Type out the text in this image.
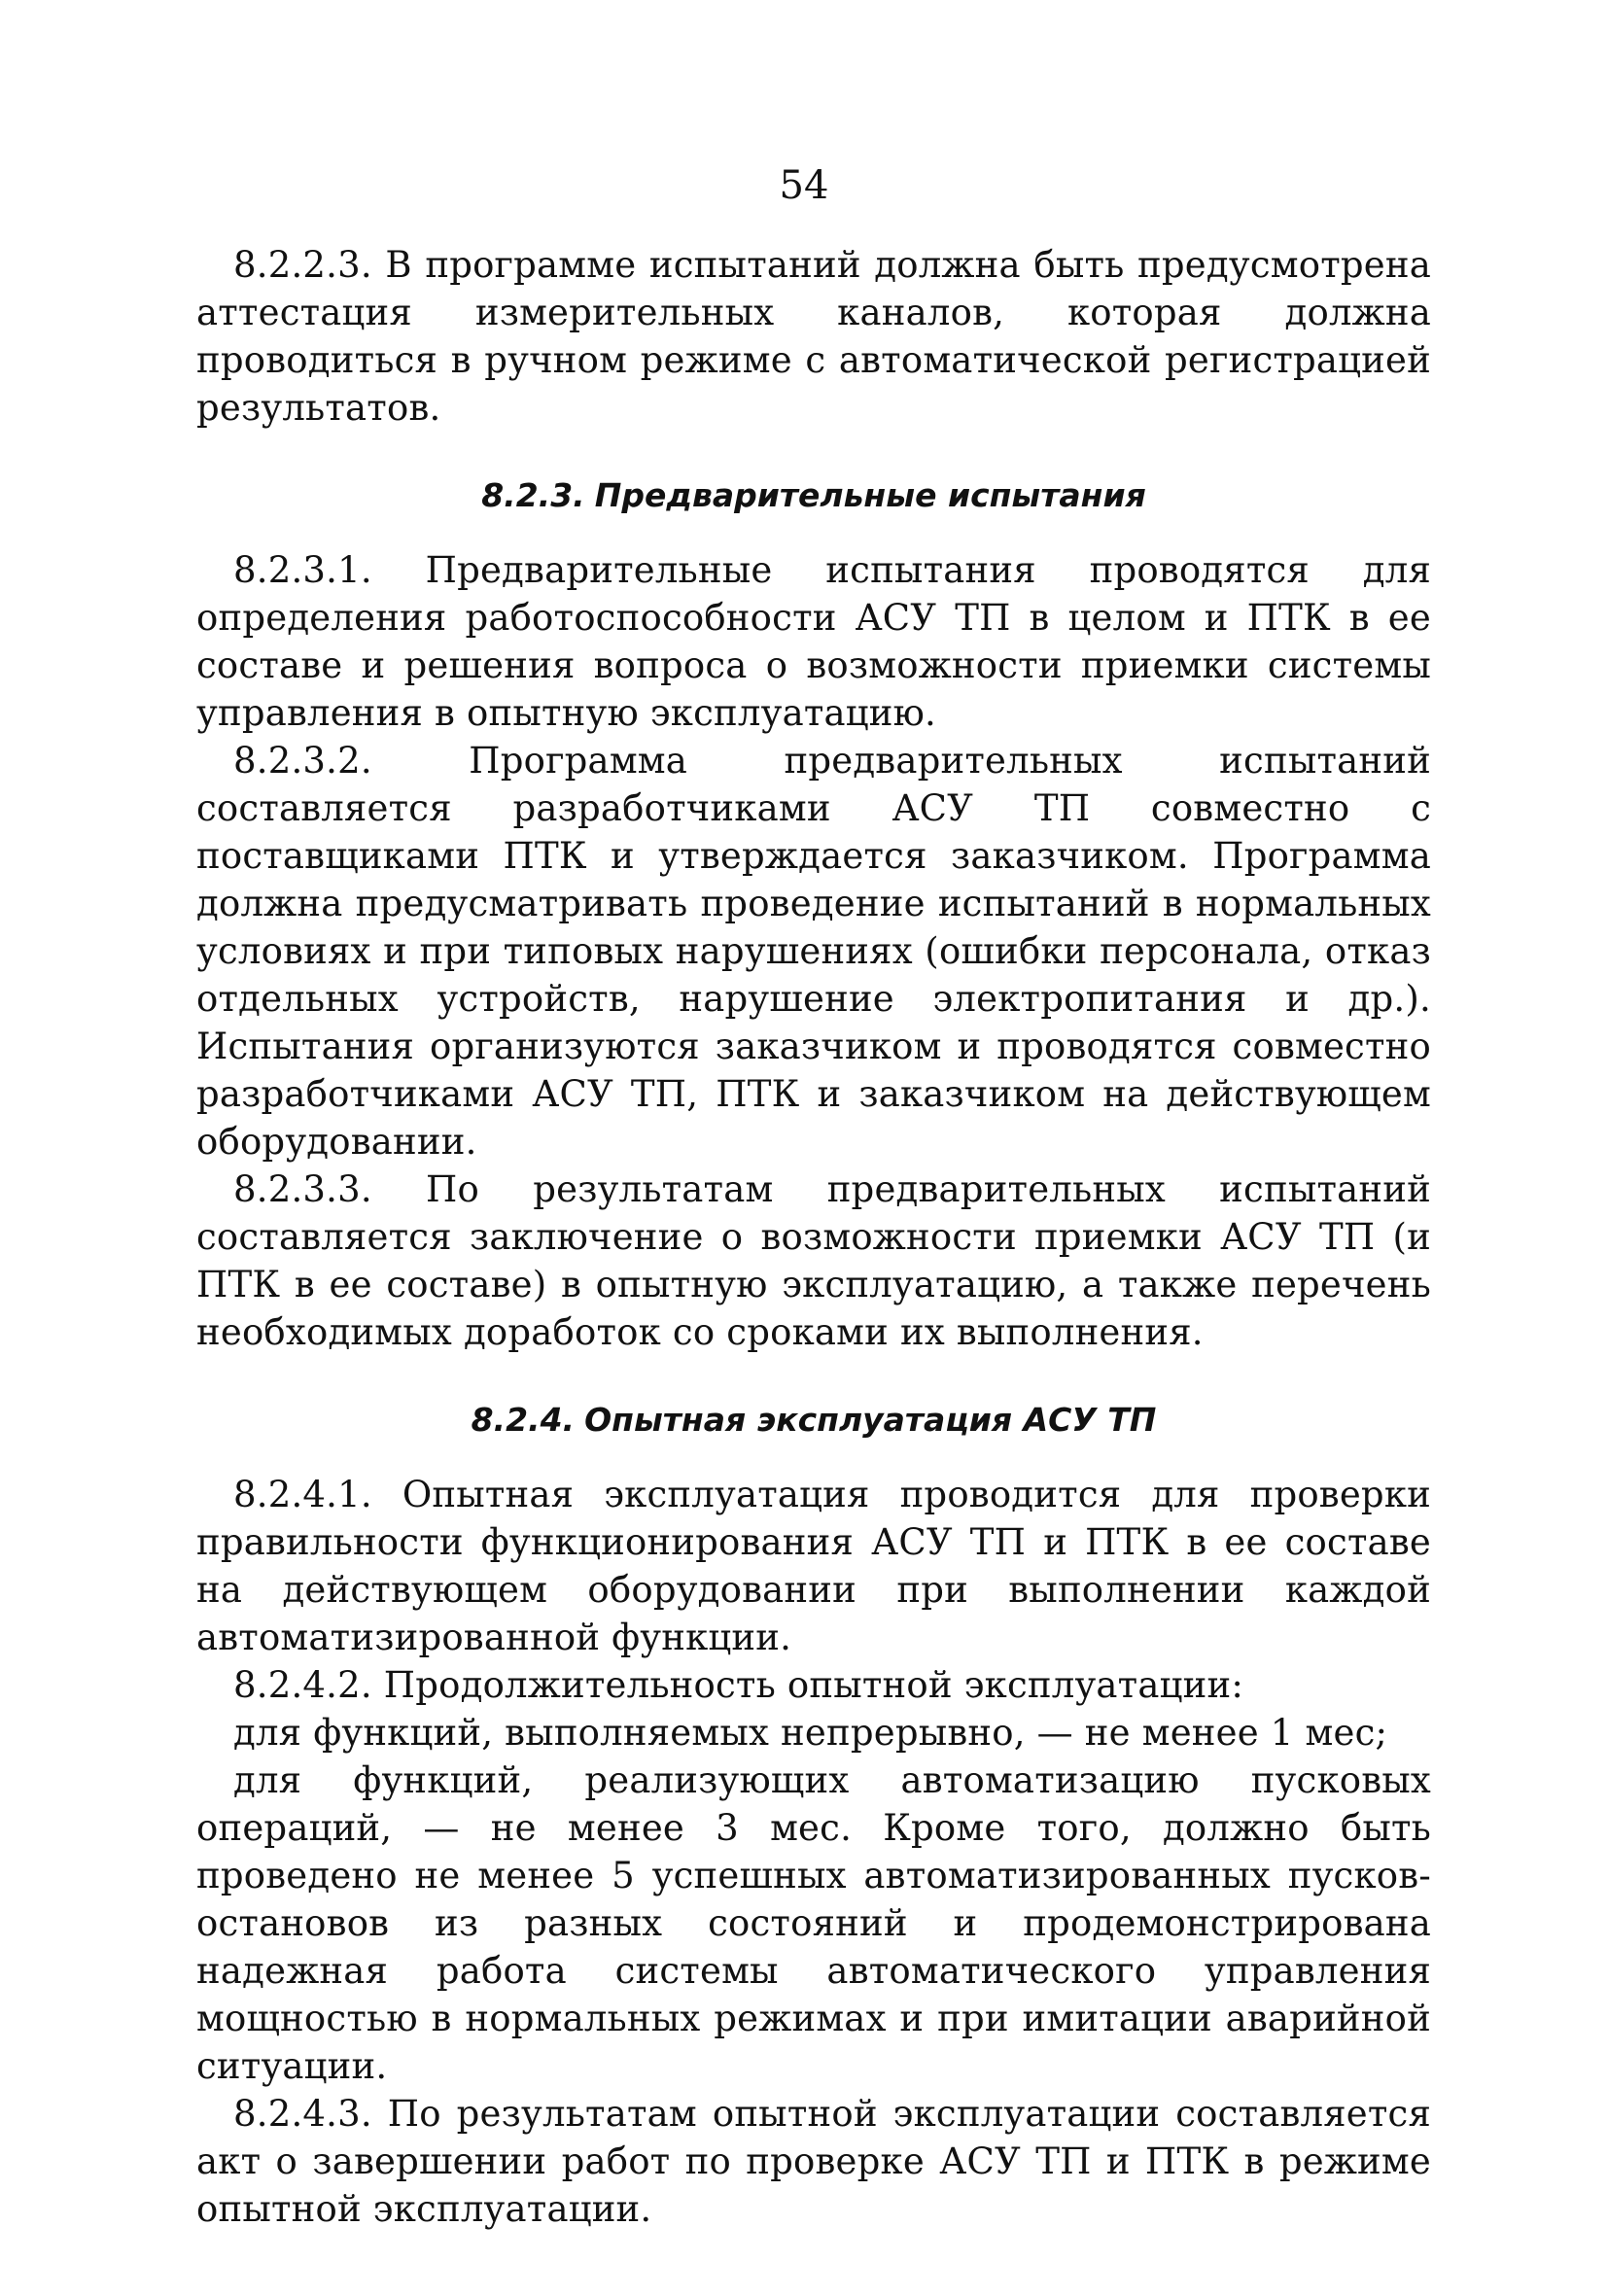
54

8.2.2.3. В программе испытаний должна быть предусмотрена аттестация измерительных каналов, которая должна проводиться в ручном режиме с автоматической регистрацией результатов.

8.2.3. Предварительные испытания

8.2.3.1. Предварительные испытания проводятся для определения работоспособности АСУ ТП в целом и ПТК в ее составе и решения вопроса о возможности приемки системы управления в опытную эксплуатацию.

8.2.3.2. Программа предварительных испытаний составляется разработчиками АСУ ТП совместно с поставщиками ПТК и утверждается заказчиком. Программа должна предусматривать проведение испытаний в нормальных условиях и при типовых нарушениях (ошибки персонала, отказ отдельных устройств, нарушение электропитания и др.). Испытания организуются заказчиком и проводятся совместно разработчиками АСУ ТП, ПТК и заказчиком на действующем оборудовании.

8.2.3.3. По результатам предварительных испытаний составляется заключение о возможности приемки АСУ ТП (и ПТК в ее составе) в опытную эксплуатацию, а также перечень необходимых доработок со сроками их выполнения.

8.2.4. Опытная эксплуатация АСУ ТП

8.2.4.1. Опытная эксплуатация проводится для проверки правильности функционирования АСУ ТП и ПТК в ее составе на действующем оборудовании при выполнении каждой автоматизированной функции.

8.2.4.2. Продолжительность опытной эксплуатации:

для функций, выполняемых непрерывно, — не менее 1 мес;

для функций, реализующих автоматизацию пусковых операций, — не менее 3 мес. Кроме того, должно быть проведено не менее 5 успешных автоматизированных пусков-остановов из разных состояний и продемонстрирована надежная работа системы автоматического управления мощностью в нормальных режимах и при имитации аварийной ситуации.

8.2.4.3. По результатам опытной эксплуатации составляется акт о завершении работ по проверке АСУ ТП и ПТК в режиме опытной эксплуатации.
